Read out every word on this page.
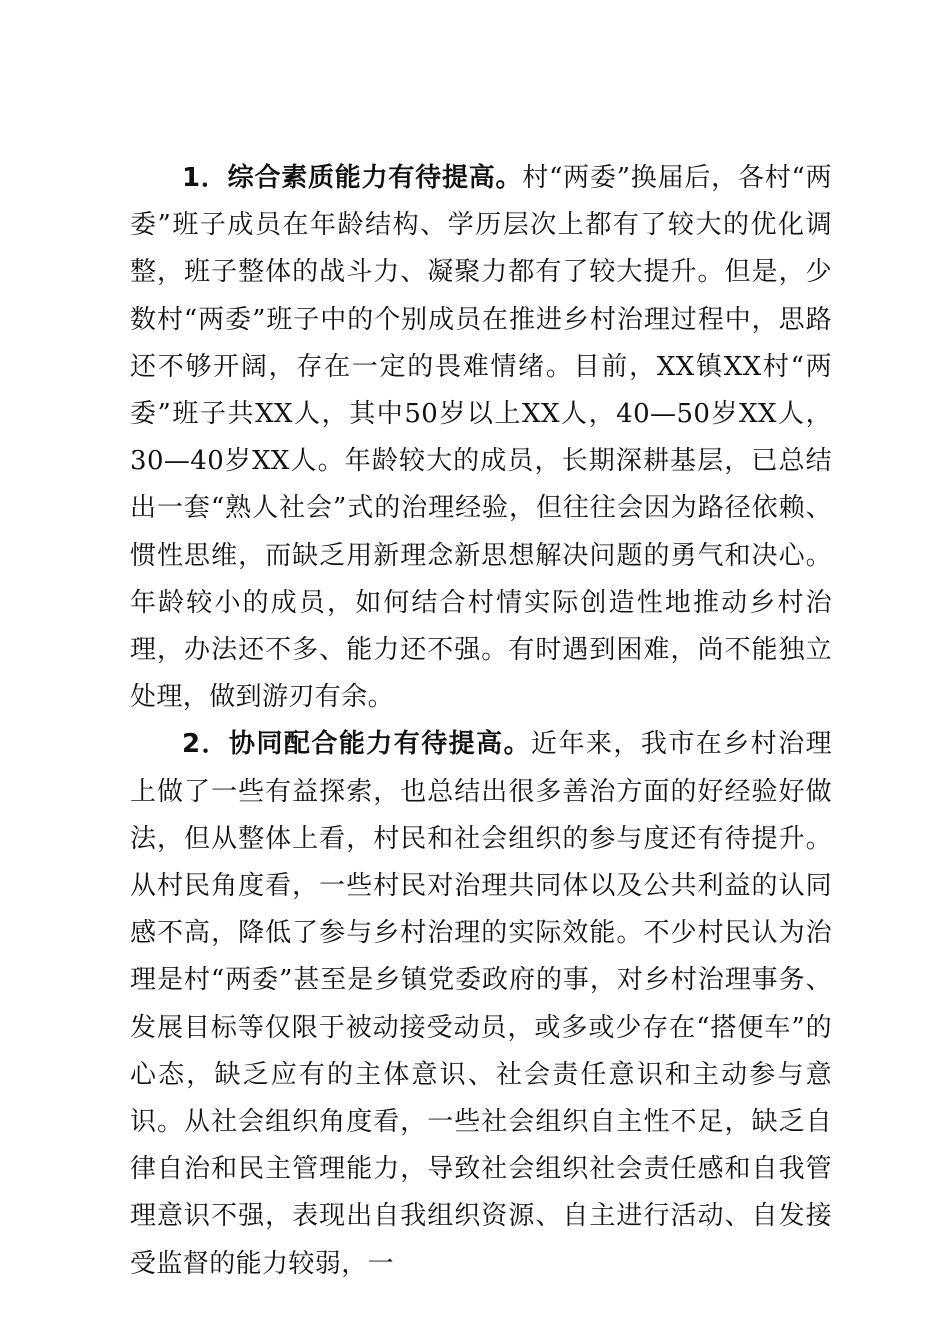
1．综合素质能力有待提高。村“两委”换届后，各村“两委”班子成员在年龄结构、学历层次上都有了较大的优化调整，班子整体的战斗力、凝聚力都有了较大提升。但是，少数村“两委”班子中的个别成员在推进乡村治理过程中，思路还不够开阔，存在一定的畏难情绪。目前，XX镇XX村“两委”班子共XX人，其中50岁以上XX人，40—50岁XX人，30—40岁XX人。年龄较大的成员，长期深耕基层，已总结出一套“熟人社会”式的治理经验，但往往会因为路径依赖、惯性思维，而缺乏用新理念新思想解决问题的勇气和决心。年龄较小的成员，如何结合村情实际创造性地推动乡村治理，办法还不多、能力还不强。有时遇到困难，尚不能独立处理，做到游刃有余。

2．协同配合能力有待提高。近年来，我市在乡村治理上做了一些有益探索，也总结出很多善治方面的好经验好做法，但从整体上看，村民和社会组织的参与度还有待提升。从村民角度看，一些村民对治理共同体以及公共利益的认同感不高，降低了参与乡村治理的实际效能。不少村民认为治理是村“两委”甚至是乡镇党委政府的事，对乡村治理事务、发展目标等仅限于被动接受动员，或多或少存在“搭便车”的心态，缺乏应有的主体意识、社会责任意识和主动参与意识。从社会组织角度看，一些社会组织自主性不足，缺乏自律自治和民主管理能力，导致社会组织社会责任感和自我管理意识不强，表现出自我组织资源、自主进行活动、自发接受监督的能力较弱，一
